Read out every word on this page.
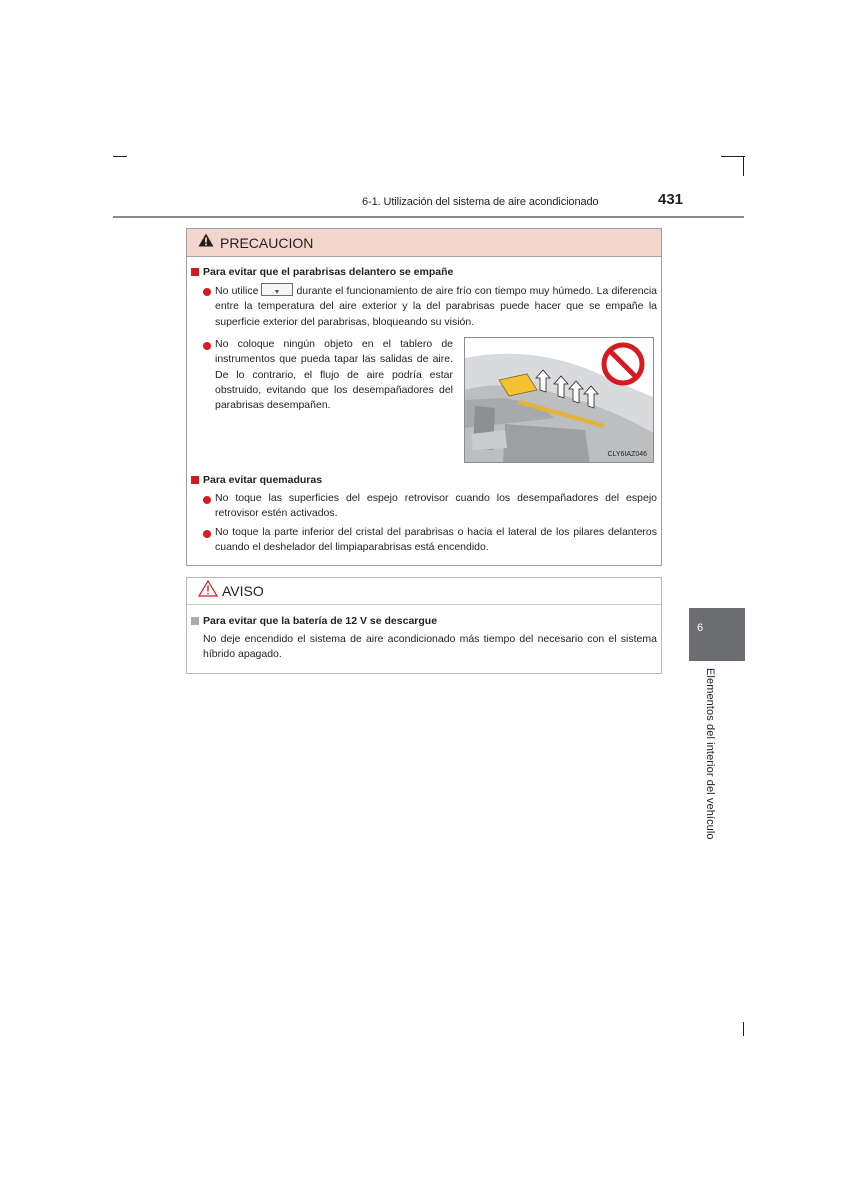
6-1. Utilización del sistema de aire acondicionado	431
PRECAUCION
Para evitar que el parabrisas delantero se empañe
No utilice ▼ durante el funcionamiento de aire frío con tiempo muy húmedo. La diferencia entre la temperatura del aire exterior y la del parabrisas puede hacer que se empañe la superficie exterior del parabrisas, bloqueando su visión.
No coloque ningún objeto en el tablero de instrumentos que pueda tapar las salidas de aire. De lo contrario, el flujo de aire podría estar obstruido, evitando que los desempañadores del parabrisas desempañen.
CLY6IAZ046
Para evitar quemaduras
No toque las superficies del espejo retrovisor cuando los desempañadores del espejo retrovisor estén activados.
No toque la parte inferior del cristal del parabrisas o hacia el lateral de los pilares delanteros cuando el deshelador del limpiaparabrisas está encendido.
AVISO
Para evitar que la batería de 12 V se descargue
No deje encendido el sistema de aire acondicionado más tiempo del necesario con el sistema híbrido apagado.
6
Elementos del interior del vehículo
